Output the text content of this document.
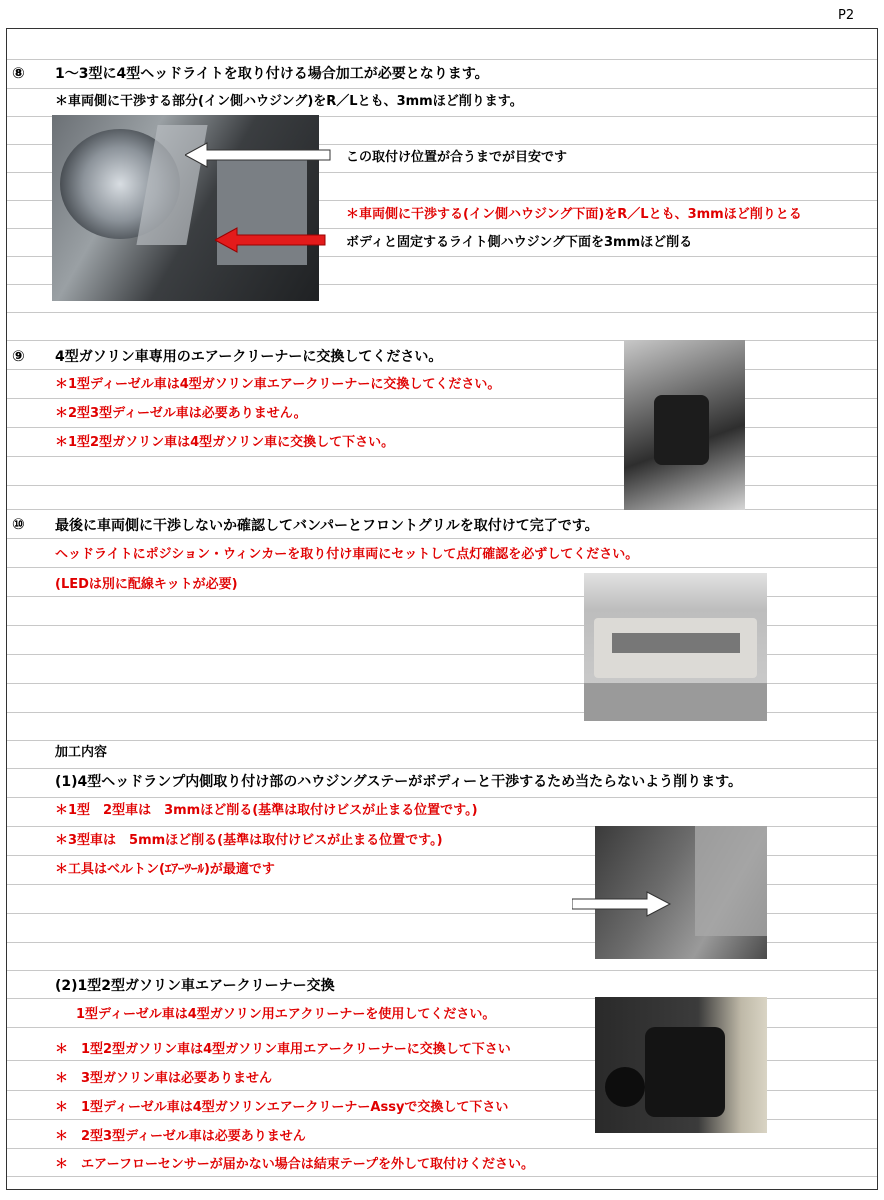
P2
⑧ 1～3型に4型ヘッドライトを取り付ける場合加工が必要となります。
＊車両側に干渉する部分(イン側ハウジング)をR／Lとも、3mmほど削ります。
この取付け位置が合うまでが目安です
＊車両側に干渉する(イン側ハウジング下面)をR／Lとも、3mmほど削りとる
ボディと固定するライト側ハウジング下面を3mmほど削る
⑨ 4型ガソリン車専用のエアークリーナーに交換してください。
＊1型ディーゼル車は4型ガソリン車エアークリーナーに交換してください。
＊2型3型ディーゼル車は必要ありません。
＊1型2型ガソリン車は4型ガソリン車に交換して下さい。
⑩ 最後に車両側に干渉しないか確認してバンパーとフロントグリルを取付けて完了です。
ヘッドライトにポジション・ウィンカーを取り付け車両にセットして点灯確認を必ずしてください。
(LEDは別に配線キットが必要)
加工内容
(1)4型ヘッドランプ内側取り付け部のハウジングステーがボディーと干渉するため当たらないよう削ります。
＊1型　2型車は　3mmほど削る(基準は取付けビスが止まる位置です。)
＊3型車は　5mmほど削る(基準は取付けビスが止まる位置です。)
＊工具はベルトン(ｴｱｰﾂｰﾙ)が最適です
(2)1型2型ガソリン車エアークリーナー交換
1型ディーゼル車は4型ガソリン用エアクリーナーを使用してください。
＊　1型2型ガソリン車は4型ガソリン車用エアークリーナーに交換して下さい
＊　3型ガソリン車は必要ありません
＊　1型ディーゼル車は4型ガソリンエアークリーナーAssyで交換して下さい
＊　2型3型ディーゼル車は必要ありません
＊　エアーフローセンサーが届かない場合は結束テープを外して取付けください。
